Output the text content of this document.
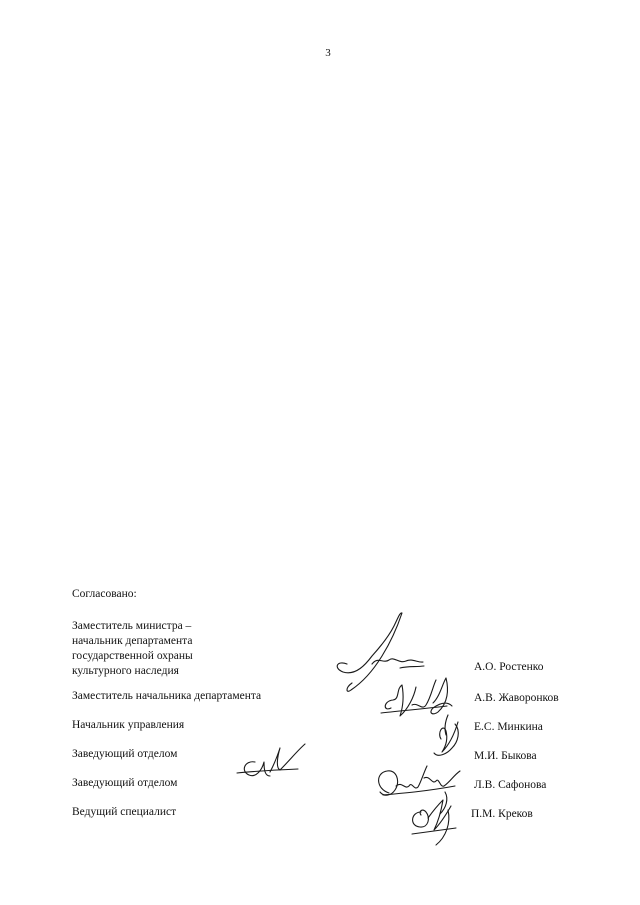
3
Согласовано:
Заместитель министра –
начальник департамента
государственной охраны
культурного наследия	А.О. Ростенко
Заместитель начальника департамента	А.В. Жаворонков
Начальник управления	Е.С. Минкина
Заведующий отделом	М.И. Быкова
Заведующий отделом	Л.В. Сафонова
Ведущий специалист	П.М. Креков
